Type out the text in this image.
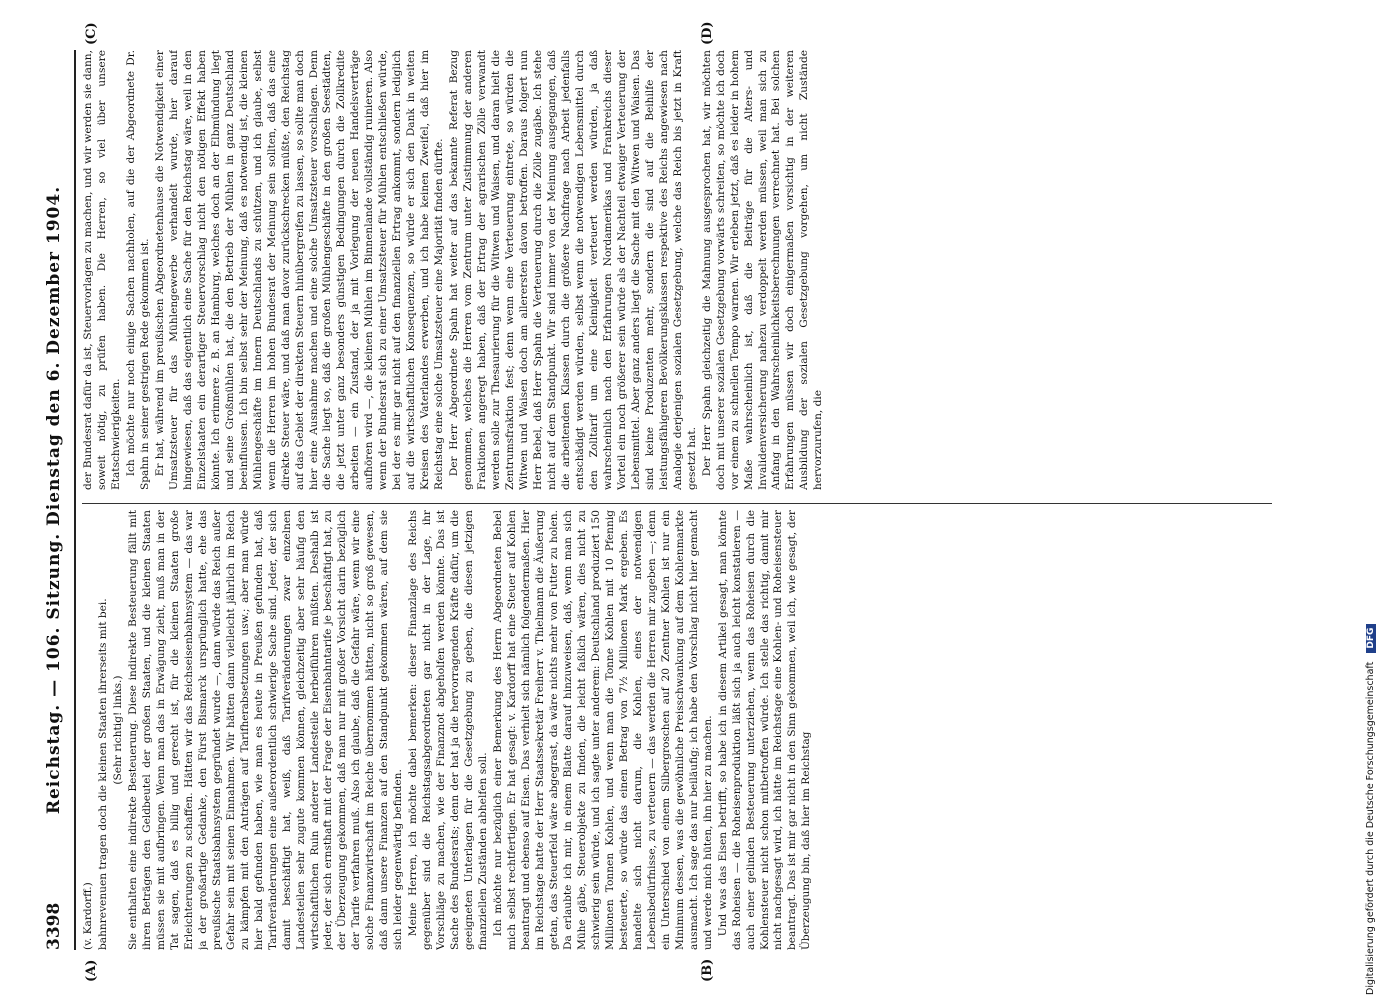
3398
Reichstag. — 106. Sitzung. Dienstag den 6. Dezember 1904.
(A)	(B)
(C)	(D)

(v. Kardorff.) bahnrevenuen tragen doch die kleinen Staaten ihrerseits mit bei. (Sehr richtig! links.) Sie enthalten eine indirekte Besteuerung. Diese indirekte Besteuerung fällt mit ihren Beträgen den Geldbeutel der großen Staaten, und die kleinen Staaten müssen sie mit aufbringen. Wenn man das in Erwägung zieht, muß man in der Tat sagen, daß es billig und gerecht ist, für die kleinen Staaten große Erleichterungen zu schaffen. Hätten wir das Reichseisenbahnsystem — das war ja der großartige Gedanke, den Fürst Bismarck ursprünglich hatte, ehe das preußische Staatsbahnsystem gegründet wurde —, dann würde das Reich außer Gefahr sein mit seinen Einnahmen. Wir hätten dann vielleicht jährlich im Reich zu kämpfen mit den Anträgen auf Tarifherabsetzungen usw.; aber man würde hier bald gefunden haben, wie man es heute in Preußen gefunden hat, daß Tarifveränderungen eine außerordentlich schwierige Sache sind. Jeder, der sich damit beschäftigt hat, weiß, daß Tarifveränderungen zwar einzelnen Landesteilen sehr zugute kommen können, gleichzeitig aber sehr häufig den wirtschaftlichen Ruin anderer Landesteile herbeiführen müßten. Deshalb ist jeder, der sich ernsthaft mit der Frage der Eisenbahntarife je beschäftigt hat, zu der Überzeugung gekommen, daß man nur mit großer Vorsicht darin bezüglich der Tarife verfahren muß. Also ich glaube, daß die Gefahr wäre, wenn wir eine solche Finanzwirtschaft im Reiche übernommen hätten, nicht so groß gewesen, daß dann unsere Finanzen auf den Standpunkt gekommen wären, auf dem sie sich leider gegenwärtig befinden. Meine Herren, ich möchte dabei bemerken: dieser Finanzlage des Reichs gegenüber sind die Reichstagsabgeordneten gar nicht in der Lage, ihr Vorschläge zu machen, wie der Finanznot abgeholfen werden könnte. Das ist Sache des Bundesrats; denn der hat ja die hervorragenden Kräfte dafür, um die geeigneten Unterlagen für die Gesetzgebung zu geben, die diesen jetzigen finanziellen Zuständen abhelfen soll. Ich möchte nur bezüglich einer Bemerkung des Herrn Abgeordneten Bebel mich selbst rechtfertigen. Er hat gesagt: v. Kardorff hat eine Steuer auf Kohlen beantragt und ebenso auf Eisen. Das verhielt sich nämlich folgendermaßen. Hier im Reichstage hatte der Herr Staatssekretär Freiherr v. Thielmann die Äußerung getan, das Steuerfeld wäre abgegrast, da wäre nichts mehr von Futter zu holen. Da erlaubte ich mir, in einem Blatte darauf hinzuweisen, daß, wenn man sich Mühe gäbe, Steuerobjekte zu finden, die leicht faßlich wären, dies nicht zu schwierig sein würde, und ich sagte unter anderem: Deutschland produziert 150 Millionen Tonnen Kohlen, und wenn man die Tonne Kohlen mit 10 Pfennig besteuerte, so würde das einen Betrag von 7½ Millionen Mark ergeben. Es handelte sich nicht darum, die Kohlen, eines der notwendigen Lebensbedürfnisse, zu verteuern — das werden die Herren mir zugeben —; denn ein Unterschied von einem Silbergroschen auf 20 Zentner Kohlen ist nur ein Minimum dessen, was die gewöhnliche Preisschwankung auf dem Kohlenmarkte ausmacht. Ich sage das nur beiläufig; ich habe den Vorschlag nicht hier gemacht und werde mich hüten, ihn hier zu machen. Und was das Eisen betrifft, so habe ich in diesem Artikel gesagt, man könnte das Roheisen — die Roheisenproduktion läßt sich ja auch leicht konstatieren — auch einer gelinden Besteuerung unterziehen, wenn das Roheisen durch die Kohlensteuer nicht schon mitbetroffen würde. Ich stelle das richtig, damit mir nicht nachgesagt wird, ich hätte im Reichstage eine Kohlen- und Roheisensteuer beantragt. Das ist mir gar nicht in den Sinn gekommen, weil ich, wie gesagt, der Überzeugung bin, daß hier im Reichstag

der Bundesrat dafür da ist, Steuervorlagen zu machen, und wir werden sie dann, soweit nötig, zu prüfen haben. Die Herren, so viel über unsere Etatschwierigkeiten. Ich möchte nur noch einige Sachen nachholen, auf die der Abgeordnete Dr. Spahn in seiner gestrigen Rede gekommen ist. Er hat, während im preußischen Abgeordnetenhause die Notwendigkeit einer Umsatzsteuer für das Mühlengewerbe verhandelt wurde, hier darauf hingewiesen, daß das eigentlich eine Sache für den Reichstag wäre, weil in den Einzelstaaten ein derartiger Steuervorschlag nicht den nötigen Effekt haben könnte. Ich erinnere z. B. an Hamburg, welches doch an der Elbmündung liegt und seine Großmühlen hat, die den Betrieb der Mühlen in ganz Deutschland beeinflussen. Ich bin selbst sehr der Meinung, daß es notwendig ist, die kleinen Mühlengeschäfte im Innern Deutschlands zu schützen, und ich glaube, selbst wenn die Herren im hohen Bundesrat der Meinung sein sollten, daß das eine direkte Steuer wäre, und daß man davor zurückschrecken müßte, den Reichstag auf das Gebiet der direkten Steuern hinübergreifen zu lassen, so sollte man doch hier eine Ausnahme machen und eine solche Umsatzsteuer vorschlagen. Denn die Sache liegt so, daß die großen Mühlengeschäfte in den großen Seestädten, die jetzt unter ganz besonders günstigen Bedingungen durch die Zollkredite arbeiten — ein Zustand, der ja mit Vorlegung der neuen Handelsverträge aufhören wird —, die kleinen Mühlen im Binnenlande vollständig ruinieren. Also wenn der Bundesrat sich zu einer Umsatzsteuer für Mühlen entschließen würde, bei der es mir gar nicht auf den finanziellen Ertrag ankommt, sondern lediglich auf die wirtschaftlichen Konsequenzen, so würde er sich den Dank in weiten Kreisen des Vaterlandes erwerben, und ich habe keinen Zweifel, daß hier im Reichstag eine solche Umsatzsteuer eine Majorität finden dürfte. Der Herr Abgeordnete Spahn hat weiter auf das bekannte Referat Bezug genommen, welches die Herren vom Zentrum unter Zustimmung der anderen Fraktionen angeregt haben, daß der Ertrag der agrarischen Zölle verwandt werden solle zur Thesaurierung für die Witwen und Waisen, und daran hielt die Zentrumsfraktion fest; denn wenn eine Verteuerung eintrete, so würden die Witwen und Waisen doch am allerersten davon betroffen. Daraus folgert nun Herr Bebel, daß Herr Spahn die Verteuerung durch die Zölle zugäbe. Ich stehe nicht auf dem Standpunkt. Wir sind immer von der Meinung ausgegangen, daß die arbeitenden Klassen durch die größere Nachfrage nach Arbeit jedenfalls entschädigt werden würden, selbst wenn die notwendigen Lebensmittel durch den Zolltarif um eine Kleinigkeit verteuert werden würden, ja daß wahrscheinlich nach den Erfahrungen Nordamerikas und Frankreichs dieser Vorteil ein noch größerer sein würde als der Nachteil etwaiger Verteuerung der Lebensmittel. Aber ganz anders liegt die Sache mit den Witwen und Waisen. Das sind keine Produzenten mehr, sondern die sind auf die Beihilfe der leistungsfähigeren Bevölkerungsklassen respektive des Reichs angewiesen nach Analogie derjenigen sozialen Gesetzgebung, welche das Reich bis jetzt in Kraft gesetzt hat. Der Herr Spahn gleichzeitig die Mahnung ausgesprochen hat, wir möchten doch mit unserer sozialen Gesetzgebung vorwärts schreiten, so möchte ich doch vor einem zu schnellen Tempo warnen. Wir erleben jetzt, daß es leider in hohem Maße wahrscheinlich ist, daß die Beiträge für die Alters- und Invalidenversicherung nahezu verdoppelt werden müssen, weil man sich zu Anfang in den Wahrscheinlichkeitsberechnungen verrechnet hat. Bei solchen Erfahrungen müssen wir doch einigermaßen vorsichtig in der weiteren Ausbildung der sozialen Gesetzgebung vorgehen, um nicht Zustände hervorzurufen, die

Digitalisierung gefördert durch die Deutsche Forschungsgemeinschaft DFG
